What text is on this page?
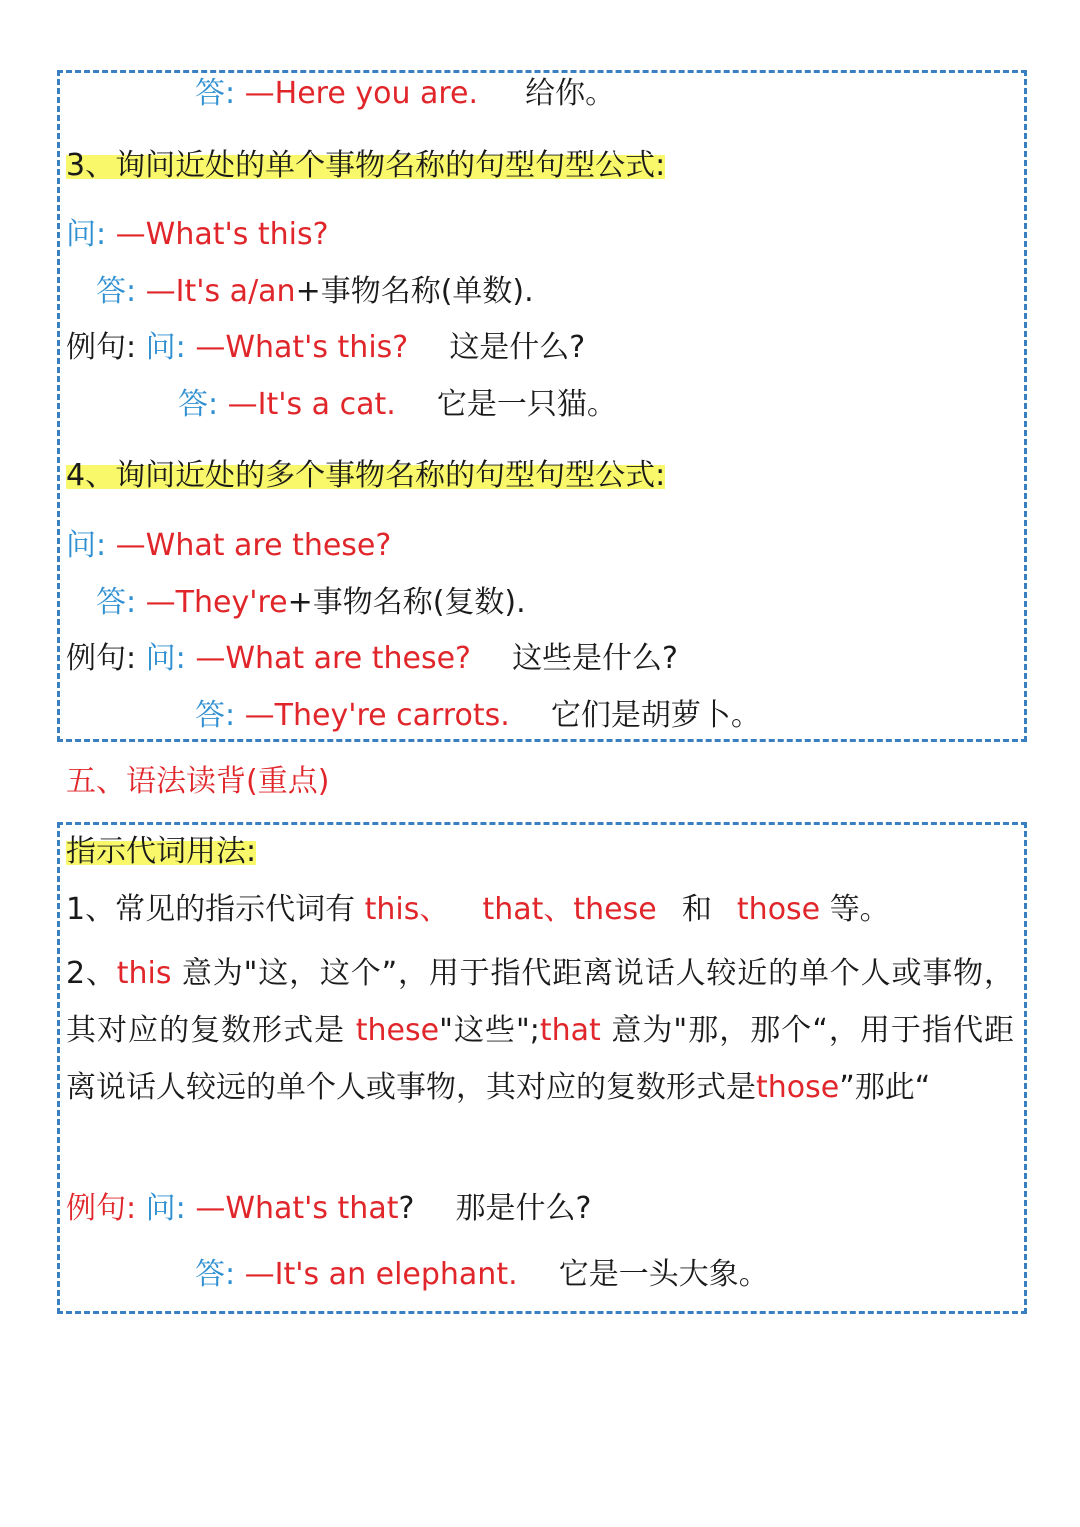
答: —Here you are. 给你。
3、询问近处的单个事物名称的句型句型公式:
问: —What's this?
答: —It's a/an+事物名称(单数).
例句: 问: —What's this? 这是什么?
答: —It's a cat. 它是一只猫。
4、询问近处的多个事物名称的句型句型公式:
问: —What are these?
答: —They're+事物名称(复数).
例句: 问: —What are these? 这些是什么?
答: —They're carrots. 它们是胡萝卜。
五、语法读背(重点)
指示代词用法:
1、常见的指示代词有 this、 that、these 和 those 等。
2、this 意为"这，这个”，用于指代距离说话人较近的单个人或事物，其对应的复数形式是 these"这些";that 意为"那，那个“，用于指代距离说话人较远的单个人或事物，其对应的复数形式是those”那此“
例句: 问: —What's that? 那是什么?
答: —It's an elephant. 它是一头大象。
